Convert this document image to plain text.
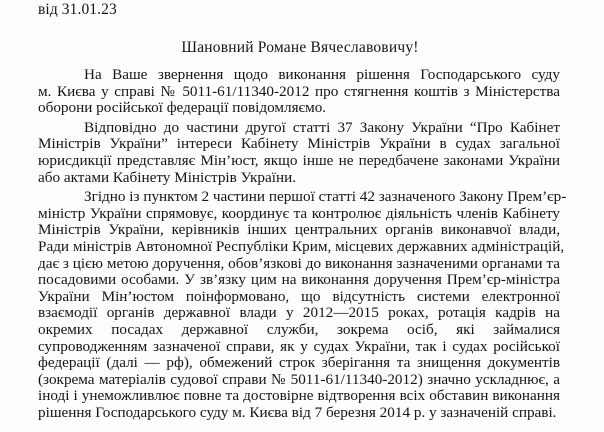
від 31.01.23
Шановний Романе Вячеславовичу!

На Ваше звернення щодо виконання рішення Господарського суду
м. Києва у справі № 5011-61/11340-2012 про стягнення коштів з Міністерства
оборони російської федерації повідомляємо.

Відповідно до частини другої статті 37 Закону України “Про Кабінет
Міністрів України” інтереси Кабінету Міністрів України в судах загальної
юрисдикції представляє Мін’юст, якщо інше не передбачене законами України
або актами Кабінету Міністрів України.

Згідно із пунктом 2 частини першої статті 42 зазначеного Закону Прем’єр-
міністр України спрямовує, координує та контролює діяльність членів Кабінету
Міністрів України, керівників інших центральних органів виконавчої влади,
Ради міністрів Автономної Республіки Крим, місцевих державних адміністрацій,
дає з цією метою доручення, обов’язкові до виконання зазначеними органами та
посадовими особами. У зв’язку цим на виконання доручення Прем’єр-міністра
України Мін’юстом поінформовано, що відсутність системи електронної
взаємодії органів державної влади у 2012—2015 роках, ротація кадрів на
окремих посадах державної служби, зокрема осіб, які займалися
супроводженням зазначеної справи, як у судах України, так і судах російської
федерації (далі — рф), обмежений строк зберігання та знищення документів
(зокрема матеріалів судової справи № 5011-61/11340-2012) значно ускладнює, а
іноді і унеможливлює повне та достовірне відтворення всіх обставин виконання
рішення Господарського суду м. Києва від 7 березня 2014 р. у зазначеній справі.
